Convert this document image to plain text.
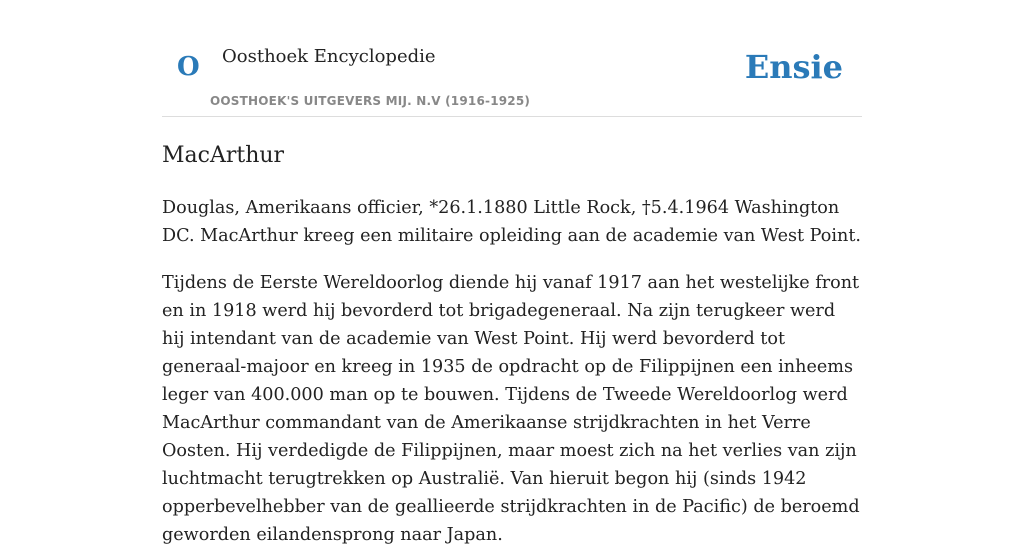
O Oosthoek Encyclopedie
OOSTHOEK'S UITGEVERS MIJ. N.V (1916-1925)
Ensie
MacArthur

Douglas, Amerikaans officier, *26.1.1880 Little Rock, †5.4.1964 Washington DC. MacArthur kreeg een militaire opleiding aan de academie van West Point.

Tijdens de Eerste Wereldoorlog diende hij vanaf 1917 aan het westelijke front en in 1918 werd hij bevorderd tot brigadegeneraal. Na zijn terugkeer werd hij intendant van de academie van West Point. Hij werd bevorderd tot generaal-majoor en kreeg in 1935 de opdracht op de Filippijnen een inheems leger van 400.000 man op te bouwen. Tijdens de Tweede Wereldoorlog werd MacArthur commandant van de Amerikaanse strijdkrachten in het Verre Oosten. Hij verdedigde de Filippijnen, maar moest zich na het verlies van zijn luchtmacht terugtrekken op Australië. Van hieruit begon hij (sinds 1942 opperbevelhebber van de geallieerde strijdkrachten in de Pacific) de beroemd geworden eilandensprong naar Japan.
